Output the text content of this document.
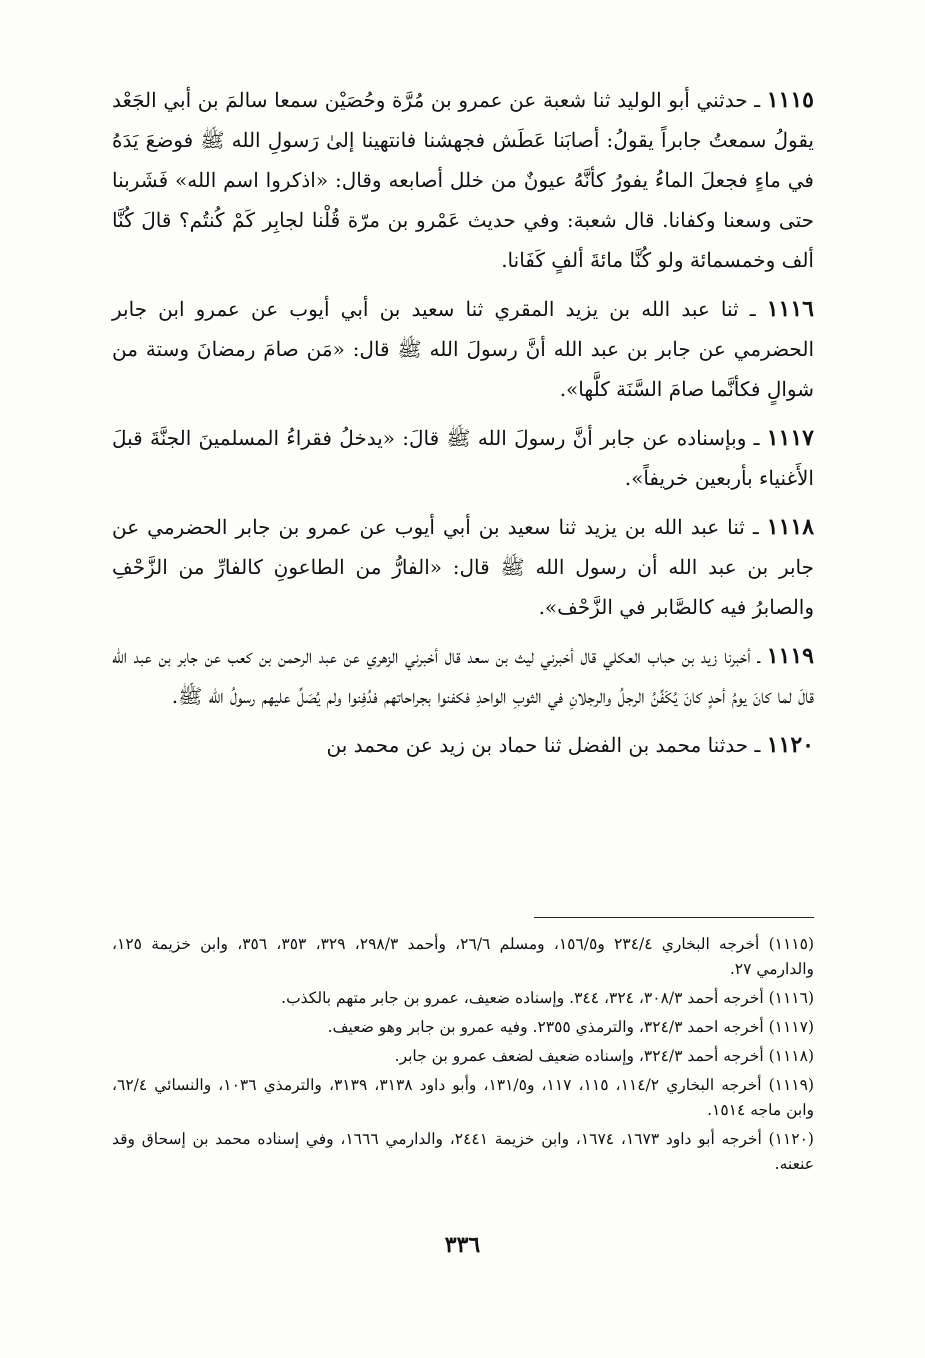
١١١٥ ـ حدثني أبو الوليد ثنا شعبة عن عمرو بن مُرَّة وحُصَيْن سمعا سالمَ بن أبي الجَعْد يقولُ سمعتُ جابراً يقولُ: أصابَنا عَطَش فجهشنا فانتهينا إلىٰ رَسولِ الله ﷺ فوضعَ يَدَهُ في ماءٍ فجعلَ الماءُ يفورُ كأنَّهُ عيونٌ من خلل أصابعه وقال: «اذكروا اسم الله» فَشَربنا حتى وسعنا وكفانا. قال شعبة: وفي حديث عَمْرو بن مرّة قُلْنا لجابِر كَمْ كُنتُم؟ قالَ كُنَّا ألف وخمسمائة ولو كُنَّا مائةَ ألفٍ كَفَانا.

١١١٦ ـ ثنا عبد الله بن يزيد المقري ثنا سعيد بن أبي أيوب عن عمرو ابن جابر الحضرمي عن جابر بن عبد الله أنَّ رسولَ الله ﷺ قال: «مَن صامَ رمضانَ وستة من شوالٍ فكأنَّما صامَ السَّنَة كلَّها».

١١١٧ ـ وبإسناده عن جابر أنَّ رسولَ الله ﷺ قالَ: «يدخلُ فقراءُ المسلمينَ الجنَّةَ قبلَ الأَغنياء بأربعين خريفاً».

١١١٨ ـ ثنا عبد الله بن يزيد ثنا سعيد بن أبي أيوب عن عمرو بن جابر الحضرمي عن جابر بن عبد الله أن رسول الله ﷺ قال: «الفارُّ من الطاعونِ كالفارِّ من الزَّحْفِ والصابرُ فيه كالصَّابر في الزَّحْف».

١١١٩ ـ أخبرنا زيد بن حباب العكلي قال أخبرني ليث بن سعد قال أخبرني الزهري عن عبد الرحمن بن كعب عن جابر بن عبد الله قالَ لما كانَ يومُ أحدٍ كانَ يُكَفِّنُ الرجلُ والرجلانِ في الثوبِ الواحدِ فكفنوا بجراحاتهم فدُفِنوا ولم يُصَلِّ عليهم رسولُ الله ﷺ.

١١٢٠ ـ حدثنا محمد بن الفضل ثنا حماد بن زيد عن محمد بن

(١١١٥) أخرجه البخاري ٢٣٤/٤ و١٥٦/٥، ومسلم ٢٦/٦، وأحمد ٢٩٨/٣، ٣٢٩، ٣٥٣، ٣٥٦، وابن خزيمة ١٢٥، والدارمي ٢٧.

(١١١٦) أخرجه أحمد ٣٠٨/٣، ٣٢٤، ٣٤٤. وإسناده ضعيف، عمرو بن جابر متهم بالكذب.

(١١١٧) أخرجه احمد ٣٢٤/٣، والترمذي ٢٣٥٥. وفيه عمرو بن جابر وهو ضعيف.

(١١١٨) أخرجه أحمد ٣٢٤/٣، وإسناده ضعيف لضعف عمرو بن جابر.

(١١١٩) أخرجه البخاري ١١٤/٢، ١١٥، ١١٧، و١٣١/٥، وأبو داود ٣١٣٨، ٣١٣٩، والترمذي ١٠٣٦، والنسائي ٦٢/٤، وابن ماجه ١٥١٤.

(١١٢٠) أخرجه أبو داود ١٦٧٣، ١٦٧٤، وابن خزيمة ٢٤٤١، والدارمي ١٦٦٦، وفي إسناده محمد بن إسحاق وقد عنعنه.

٣٣٦
